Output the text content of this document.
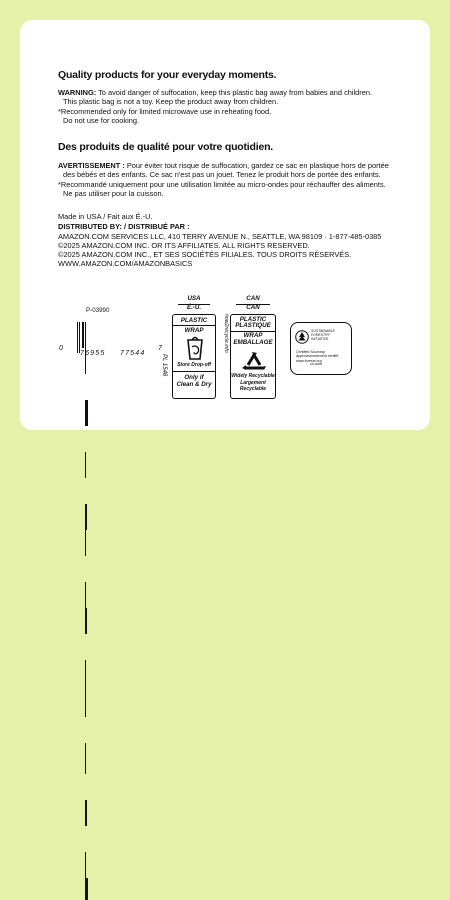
Quality products for your everyday moments.
WARNING: To avoid danger of suffocation, keep this plastic bag away from babies and children.
This plastic bag is not a toy. Keep the product away from children.
*Recommended only for limited microwave use in reheating food.
Do not use for cooking.
Des produits de qualité pour votre quotidien.
AVERTISSEMENT : Pour éviter tout risque de suffocation, gardez ce sac en plastique hors de portée
des bébés et des enfants. Ce sac n'est pas un jouet. Tenez le produit hors de portée des enfants.
*Recommandé uniquement pour une utilisation limitée au micro-ondes pour réchauffer des aliments.
Ne pas utiliser pour la cuisson.
Made in USA / Fait aux É.-U.
DISTRIBUTED BY: / DISTRIBUÉ PAR :
AMAZON.COM SERVICES LLC, 410 TERRY AVENUE N., SEATTLE, WA 98109 · 1-877-485-0385
©2025 AMAZON.COM INC. OR ITS AFFILIATES. ALL RIGHTS RESERVED.
©2025 AMAZON.COM INC., ET SES SOCIÉTÉS FILIALES. TOUS DROITS RÉSERVÉS.
WWW.AMAZON.COM/AMAZONBASICS
P-03990
0
76955 77544
7
PL 1548
USA
É.-U.
PLASTIC
WRAP
Store Drop-off
Only if
Clean & Dry
how2recycle.info
CAN
CAN
PLASTIC
PLASTIQUE
WRAP
EMBALLAGE
Widely Recyclable
Largement
Recyclable
SUSTAINABLE
FORESTRY
INITIATIVE
Certified Sourcing
Approvisionnement certifié
www.forests.org
SFI-00000
